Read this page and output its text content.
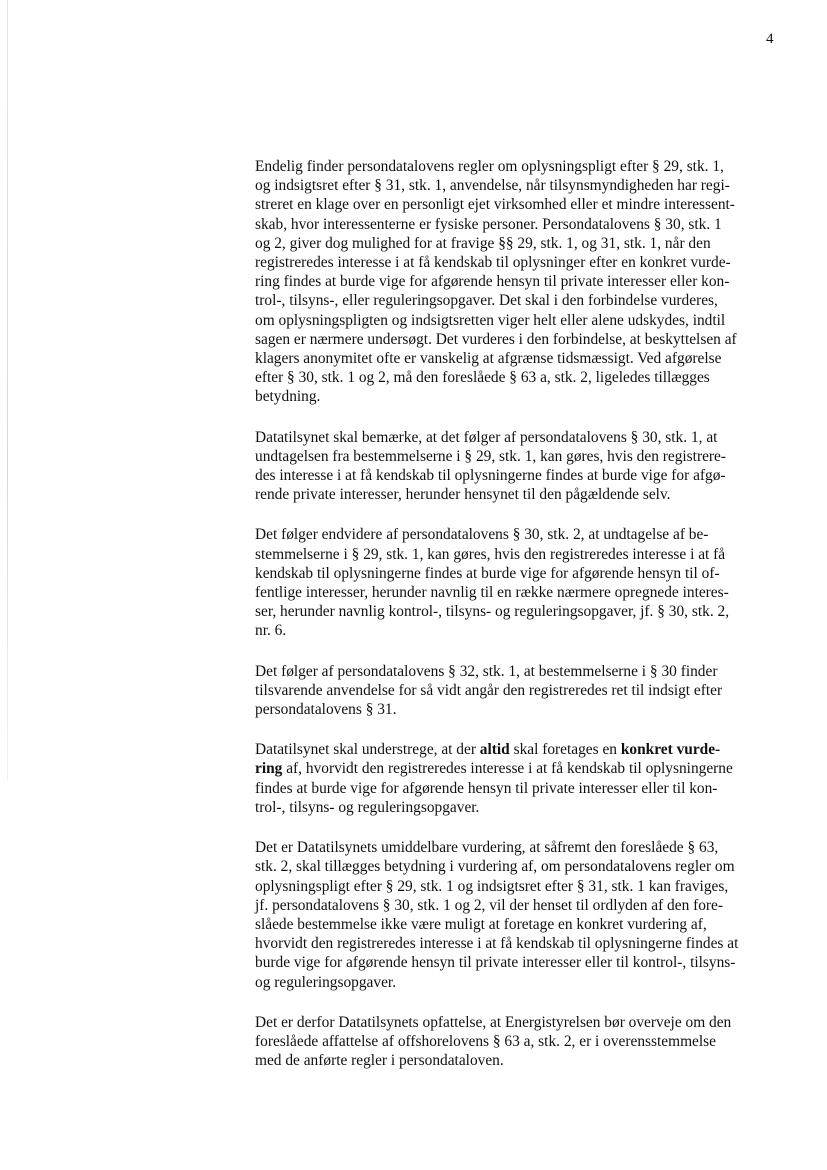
4

Endelig finder persondatalovens regler om oplysningspligt efter § 29, stk. 1,
og indsigtsret efter § 31, stk. 1, anvendelse, når tilsynsmyndigheden har regi-
streret en klage over en personligt ejet virksomhed eller et mindre interessent-
skab, hvor interessenterne er fysiske personer. Persondatalovens § 30, stk. 1
og 2, giver dog mulighed for at fravige §§ 29, stk. 1, og 31, stk. 1, når den
registreredes interesse i at få kendskab til oplysninger efter en konkret vurde-
ring findes at burde vige for afgørende hensyn til private interesser eller kon-
trol-, tilsyns-, eller reguleringsopgaver. Det skal i den forbindelse vurderes,
om oplysningspligten og indsigtsretten viger helt eller alene udskydes, indtil
sagen er nærmere undersøgt. Det vurderes i den forbindelse, at beskyttelsen af
klagers anonymitet ofte er vanskelig at afgrænse tidsmæssigt. Ved afgørelse
efter § 30, stk. 1 og 2, må den foreslåede § 63 a, stk. 2, ligeledes tillægges
betydning.

Datatilsynet skal bemærke, at det følger af persondatalovens § 30, stk. 1, at
undtagelsen fra bestemmelserne i § 29, stk. 1, kan gøres, hvis den registrere-
des interesse i at få kendskab til oplysningerne findes at burde vige for afgø-
rende private interesser, herunder hensynet til den pågældende selv.

Det følger endvidere af persondatalovens § 30, stk. 2, at undtagelse af be-
stemmelserne i § 29, stk. 1, kan gøres, hvis den registreredes interesse i at få
kendskab til oplysningerne findes at burde vige for afgørende hensyn til of-
fentlige interesser, herunder navnlig til en række nærmere opregnede interes-
ser, herunder navnlig kontrol-, tilsyns- og reguleringsopgaver, jf. § 30, stk. 2,
nr. 6.

Det følger af persondatalovens § 32, stk. 1, at bestemmelserne i § 30 finder
tilsvarende anvendelse for så vidt angår den registreredes ret til indsigt efter
persondatalovens § 31.

Datatilsynet skal understrege, at der altid skal foretages en konkret vurde-
ring af, hvorvidt den registreredes interesse i at få kendskab til oplysningerne
findes at burde vige for afgørende hensyn til private interesser eller til kon-
trol-, tilsyns- og reguleringsopgaver.

Det er Datatilsynets umiddelbare vurdering, at såfremt den foreslåede § 63,
stk. 2, skal tillægges betydning i vurdering af, om persondatalovens regler om
oplysningspligt efter § 29, stk. 1 og indsigtsret efter § 31, stk. 1 kan fraviges,
jf. persondatalovens § 30, stk. 1 og 2, vil der henset til ordlyden af den fore-
slåede bestemmelse ikke være muligt at foretage en konkret vurdering af,
hvorvidt den registreredes interesse i at få kendskab til oplysningerne findes at
burde vige for afgørende hensyn til private interesser eller til kontrol-, tilsyns-
og reguleringsopgaver.

Det er derfor Datatilsynets opfattelse, at Energistyrelsen bør overveje om den
foreslåede affattelse af offshorelovens § 63 a, stk. 2, er i overensstemmelse
med de anførte regler i persondataloven.
